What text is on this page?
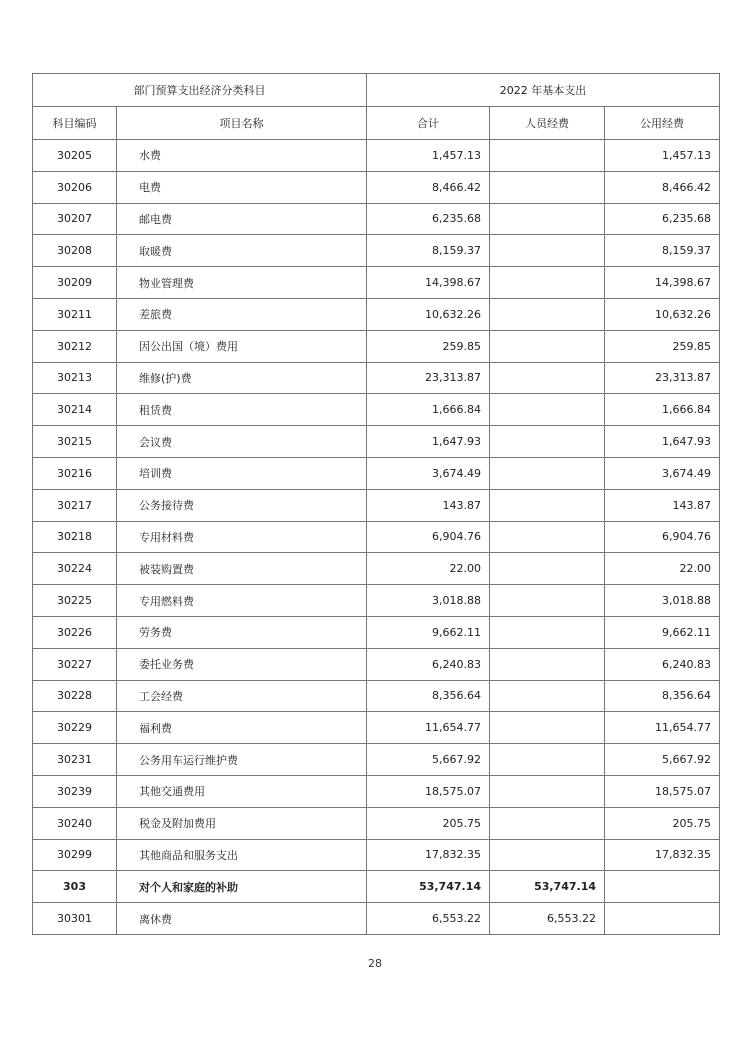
部门预算支出经济分类科目		2022 年基本支出		
科目编码	项目名称	合计	人员经费	公用经费
30205	水费	1,457.13		1,457.13
30206	电费	8,466.42		8,466.42
30207	邮电费	6,235.68		6,235.68
30208	取暖费	8,159.37		8,159.37
30209	物业管理费	14,398.67		14,398.67
30211	差旅费	10,632.26		10,632.26
30212	因公出国（境）费用	259.85		259.85
30213	维修(护)费	23,313.87		23,313.87
30214	租赁费	1,666.84		1,666.84
30215	会议费	1,647.93		1,647.93
30216	培训费	3,674.49		3,674.49
30217	公务接待费	143.87		143.87
30218	专用材料费	6,904.76		6,904.76
30224	被装购置费	22.00		22.00
30225	专用燃料费	3,018.88		3,018.88
30226	劳务费	9,662.11		9,662.11
30227	委托业务费	6,240.83		6,240.83
30228	工会经费	8,356.64		8,356.64
30229	福利费	11,654.77		11,654.77
30231	公务用车运行维护费	5,667.92		5,667.92
30239	其他交通费用	18,575.07		18,575.07
30240	税金及附加费用	205.75		205.75
30299	其他商品和服务支出	17,832.35		17,832.35
303	对个人和家庭的补助	53,747.14	53,747.14	
30301	离休费	6,553.22	6,553.22	
28
